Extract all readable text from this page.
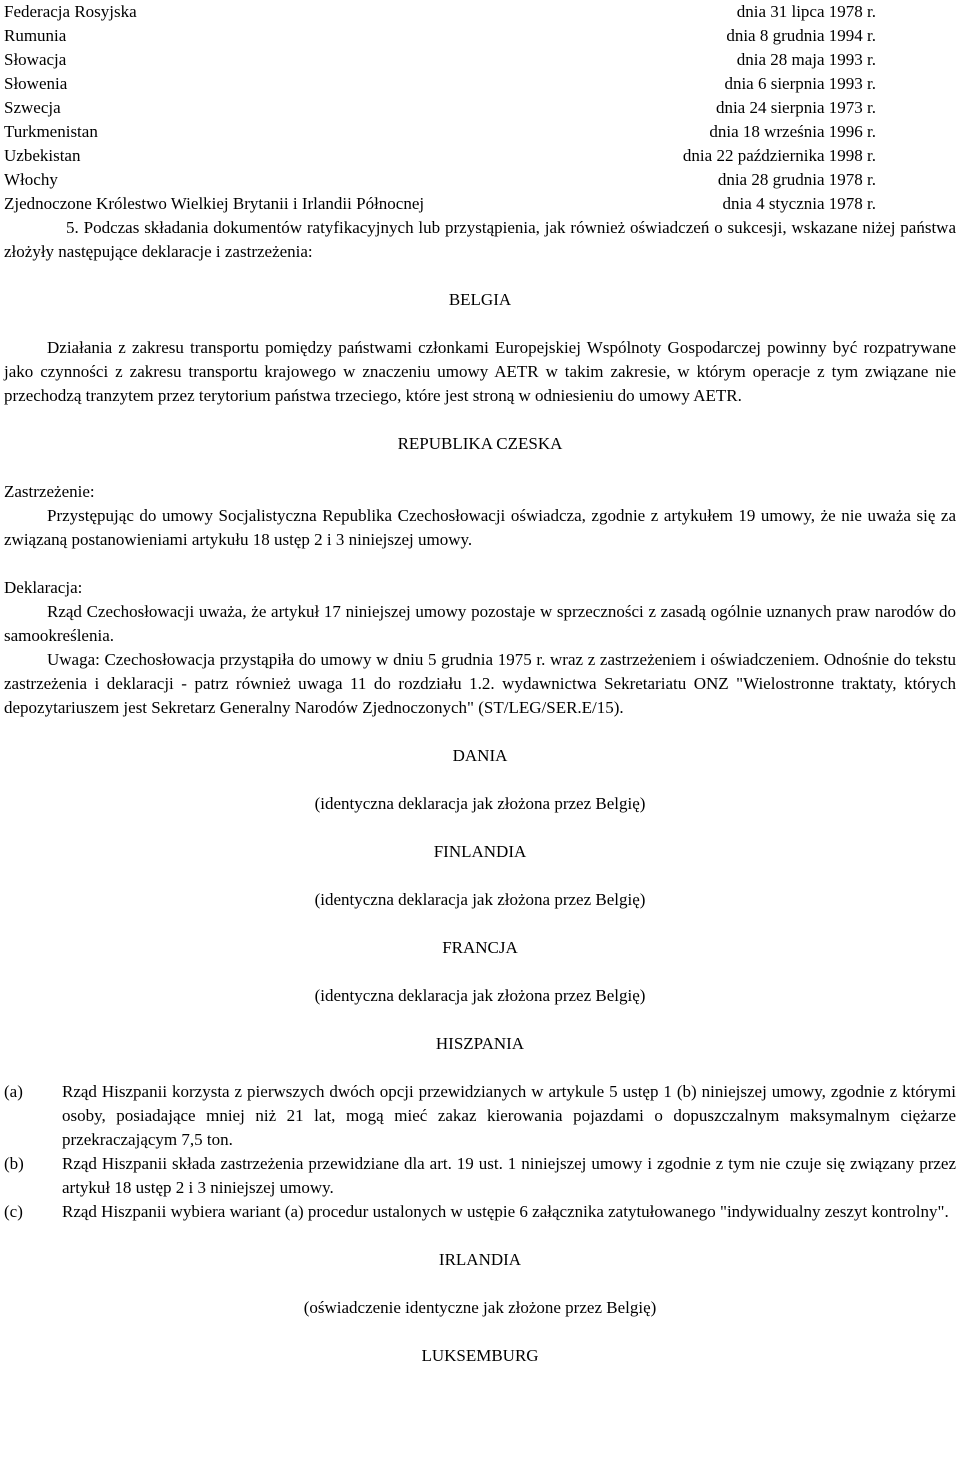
Federacja Rosyjska	dnia 31 lipca 1978 r.
Rumunia	dnia 8 grudnia 1994 r.
Słowacja	dnia 28 maja 1993 r.
Słowenia	dnia 6 sierpnia 1993 r.
Szwecja	dnia 24 sierpnia 1973 r.
Turkmenistan	dnia 18 września 1996 r.
Uzbekistan	dnia 22 października 1998 r.
Włochy	dnia 28 grudnia 1978 r.
Zjednoczone Królestwo Wielkiej Brytanii i Irlandii Północnej	dnia 4 stycznia 1978 r.

5. Podczas składania dokumentów ratyfikacyjnych lub przystąpienia, jak również oświadczeń o sukcesji, wskazane niżej państwa złożyły następujące deklaracje i zastrzeżenia:

BELGIA

Działania z zakresu transportu pomiędzy państwami członkami Europejskiej Wspólnoty Gospodarczej powinny być rozpatrywane jako czynności z zakresu transportu krajowego w znaczeniu umowy AETR w takim zakresie, w którym operacje z tym związane nie przechodzą tranzytem przez terytorium państwa trzeciego, które jest stroną w odniesieniu do umowy AETR.

REPUBLIKA CZESKA

Zastrzeżenie:

Przystępując do umowy Socjalistyczna Republika Czechosłowacji oświadcza, zgodnie z artykułem 19 umowy, że nie uważa się za związaną postanowieniami artykułu 18 ustęp 2 i 3 niniejszej umowy.

Deklaracja:

Rząd Czechosłowacji uważa, że artykuł 17 niniejszej umowy pozostaje w sprzeczności z zasadą ogólnie uznanych praw narodów do samookreślenia.

Uwaga: Czechosłowacja przystąpiła do umowy w dniu 5 grudnia 1975 r. wraz z zastrzeżeniem i oświadczeniem. Odnośnie do tekstu zastrzeżenia i deklaracji - patrz również uwaga 11 do rozdziału 1.2. wydawnictwa Sekretariatu ONZ "Wielostronne traktaty, których depozytariuszem jest Sekretarz Generalny Narodów Zjednoczonych" (ST/LEG/SER.E/15).

DANIA

(identyczna deklaracja jak złożona przez Belgię)

FINLANDIA

(identyczna deklaracja jak złożona przez Belgię)

FRANCJA

(identyczna deklaracja jak złożona przez Belgię)

HISZPANIA

(a)	Rząd Hiszpanii korzysta z pierwszych dwóch opcji przewidzianych w artykule 5 ustęp 1 (b) niniejszej umowy, zgodnie z którymi osoby, posiadające mniej niż 21 lat, mogą mieć zakaz kierowania pojazdami o dopuszczalnym maksymalnym ciężarze przekraczającym 7,5 ton.
(b)	Rząd Hiszpanii składa zastrzeżenia przewidziane dla art. 19 ust. 1 niniejszej umowy i zgodnie z tym nie czuje się związany przez artykuł 18 ustęp 2 i 3 niniejszej umowy.
(c)	Rząd Hiszpanii wybiera wariant (a) procedur ustalonych w ustępie 6 załącznika zatytułowanego "indywidualny zeszyt kontrolny".

IRLANDIA

(oświadczenie identyczne jak złożone przez Belgię)

LUKSEMBURG
